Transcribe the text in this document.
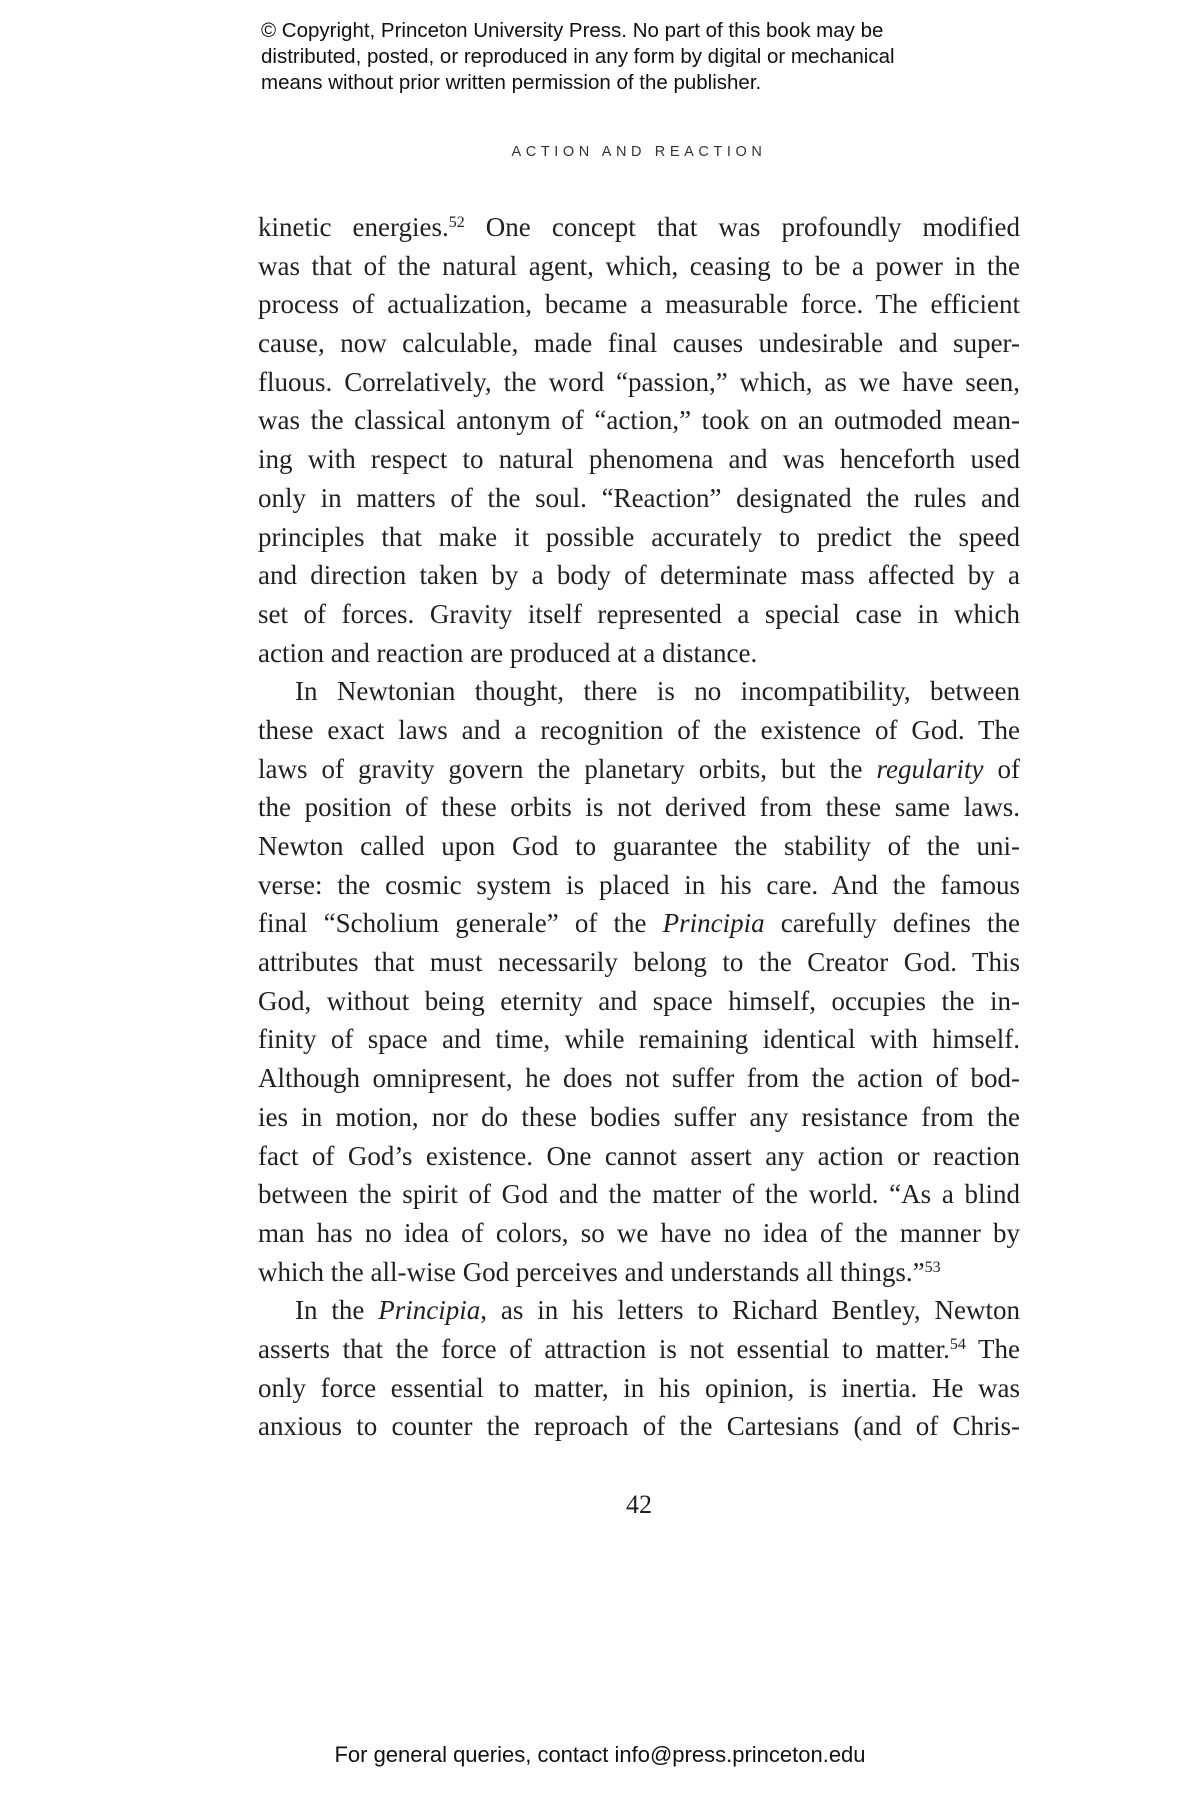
© Copyright, Princeton University Press. No part of this book may be
distributed, posted, or reproduced in any form by digital or mechanical
means without prior written permission of the publisher.
ACTION AND REACTION
kinetic energies.$^{52}$ One concept that was profoundly modified
was that of the natural agent, which, ceasing to be a power in the
process of actualization, became a measurable force. The efficient
cause, now calculable, made final causes undesirable and super-
fluous. Correlatively, the word “passion,” which, as we have seen,
was the classical antonym of “action,” took on an outmoded mean-
ing with respect to natural phenomena and was henceforth used
only in matters of the soul. “Reaction” designated the rules and
principles that make it possible accurately to predict the speed
and direction taken by a body of determinate mass affected by a
set of forces. Gravity itself represented a special case in which
action and reaction are produced at a distance.
In Newtonian thought, there is no incompatibility, between
these exact laws and a recognition of the existence of God. The
laws of gravity govern the planetary orbits, but the regularity of
the position of these orbits is not derived from these same laws.
Newton called upon God to guarantee the stability of the uni-
verse: the cosmic system is placed in his care. And the famous
final “Scholium generale” of the Principia carefully defines the
attributes that must necessarily belong to the Creator God. This
God, without being eternity and space himself, occupies the in-
finity of space and time, while remaining identical with himself.
Although omnipresent, he does not suffer from the action of bod-
ies in motion, nor do these bodies suffer any resistance from the
fact of God’s existence. One cannot assert any action or reaction
between the spirit of God and the matter of the world. “As a blind
man has no idea of colors, so we have no idea of the manner by
which the all-wise God perceives and understands all things.”$^{53}$
In the Principia, as in his letters to Richard Bentley, Newton
asserts that the force of attraction is not essential to matter.$^{54}$ The
only force essential to matter, in his opinion, is inertia. He was
anxious to counter the reproach of the Cartesians (and of Chris-
42
For general queries, contact info@press.princeton.edu
